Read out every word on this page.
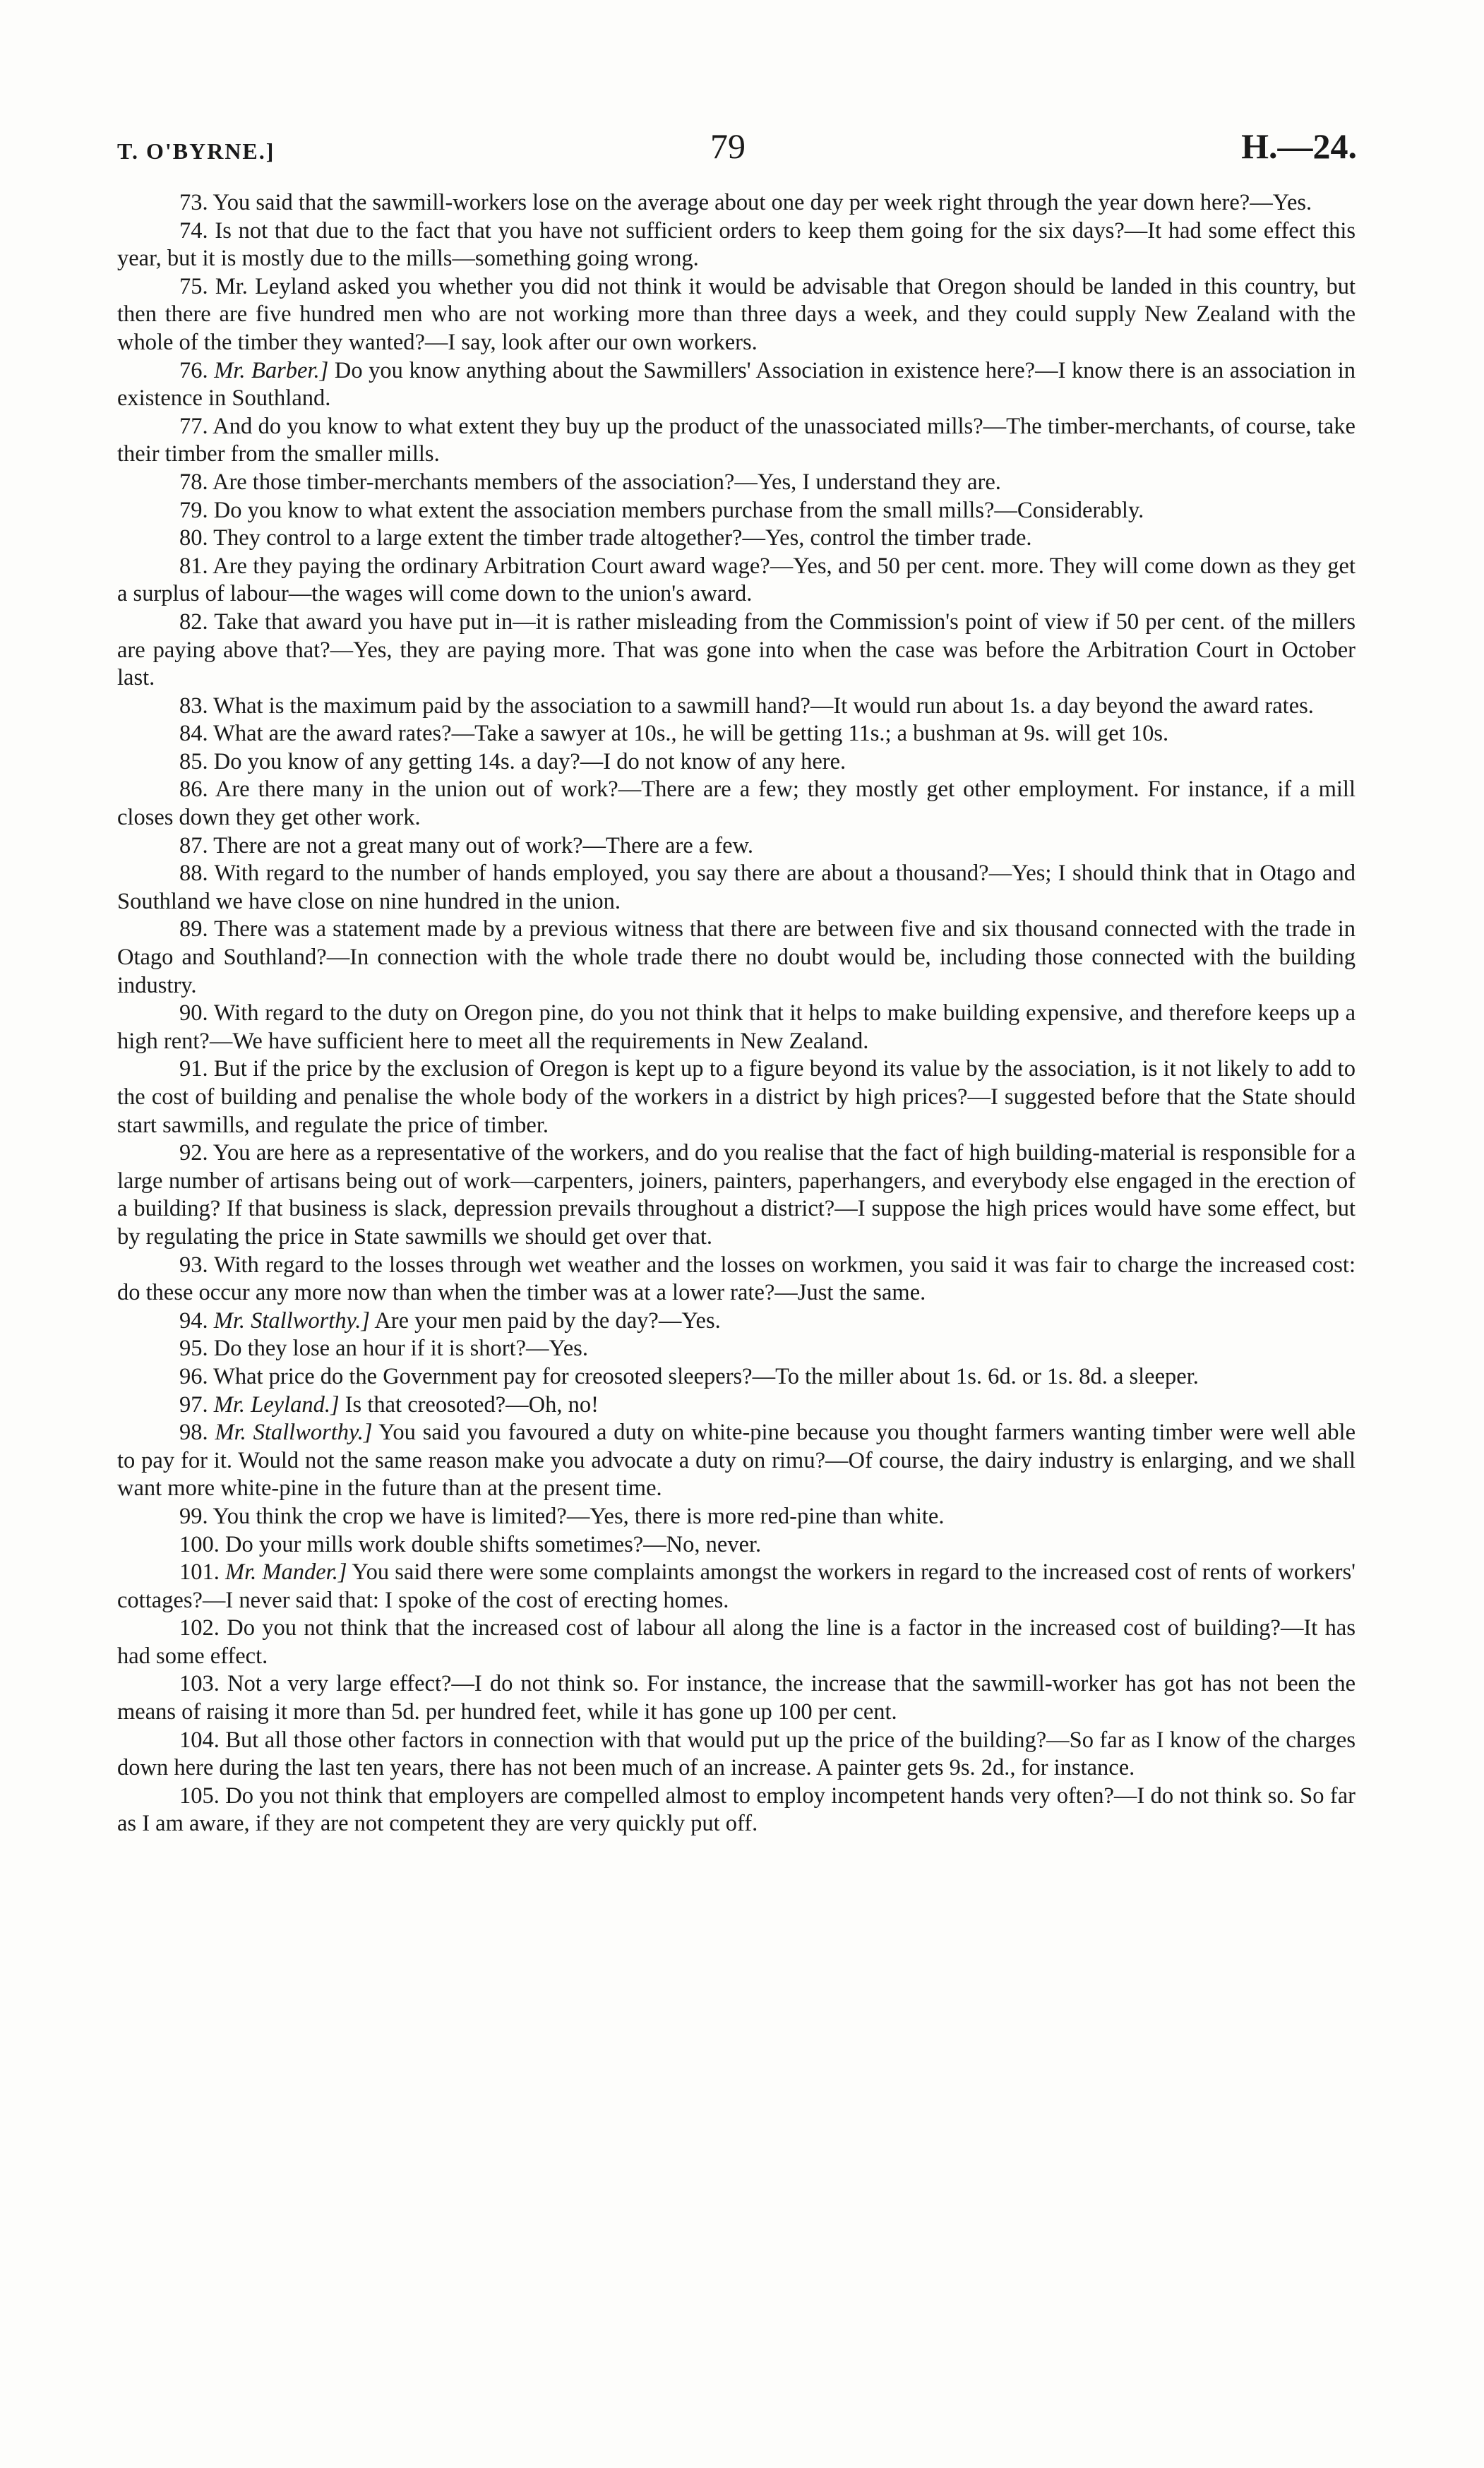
T. O'BYRNE.]	79	H.—24.

73. You said that the sawmill-workers lose on the average about one day per week right through the year down here?—Yes.

74. Is not that due to the fact that you have not sufficient orders to keep them going for the six days?—It had some effect this year, but it is mostly due to the mills—something going wrong.

75. Mr. Leyland asked you whether you did not think it would be advisable that Oregon should be landed in this country, but then there are five hundred men who are not working more than three days a week, and they could supply New Zealand with the whole of the timber they wanted?—I say, look after our own workers.

76. Mr. Barber.] Do you know anything about the Sawmillers' Association in existence here?—I know there is an association in existence in Southland.

77. And do you know to what extent they buy up the product of the unassociated mills?—The timber-merchants, of course, take their timber from the smaller mills.

78. Are those timber-merchants members of the association?—Yes, I understand they are.

79. Do you know to what extent the association members purchase from the small mills?—Considerably.

80. They control to a large extent the timber trade altogether?—Yes, control the timber trade.

81. Are they paying the ordinary Arbitration Court award wage?—Yes, and 50 per cent. more. They will come down as they get a surplus of labour—the wages will come down to the union's award.

82. Take that award you have put in—it is rather misleading from the Commission's point of view if 50 per cent. of the millers are paying above that?—Yes, they are paying more. That was gone into when the case was before the Arbitration Court in October last.

83. What is the maximum paid by the association to a sawmill hand?—It would run about 1s. a day beyond the award rates.

84. What are the award rates?—Take a sawyer at 10s., he will be getting 11s.; a bushman at 9s. will get 10s.

85. Do you know of any getting 14s. a day?—I do not know of any here.

86. Are there many in the union out of work?—There are a few; they mostly get other employment. For instance, if a mill closes down they get other work.

87. There are not a great many out of work?—There are a few.

88. With regard to the number of hands employed, you say there are about a thousand?—Yes; I should think that in Otago and Southland we have close on nine hundred in the union.

89. There was a statement made by a previous witness that there are between five and six thousand connected with the trade in Otago and Southland?—In connection with the whole trade there no doubt would be, including those connected with the building industry.

90. With regard to the duty on Oregon pine, do you not think that it helps to make building expensive, and therefore keeps up a high rent?—We have sufficient here to meet all the requirements in New Zealand.

91. But if the price by the exclusion of Oregon is kept up to a figure beyond its value by the association, is it not likely to add to the cost of building and penalise the whole body of the workers in a district by high prices?—I suggested before that the State should start sawmills, and regulate the price of timber.

92. You are here as a representative of the workers, and do you realise that the fact of high building-material is responsible for a large number of artisans being out of work—carpenters, joiners, painters, paperhangers, and everybody else engaged in the erection of a building? If that business is slack, depression prevails throughout a district?—I suppose the high prices would have some effect, but by regulating the price in State sawmills we should get over that.

93. With regard to the losses through wet weather and the losses on workmen, you said it was fair to charge the increased cost: do these occur any more now than when the timber was at a lower rate?—Just the same.

94. Mr. Stallworthy.] Are your men paid by the day?—Yes.

95. Do they lose an hour if it is short?—Yes.

96. What price do the Government pay for creosoted sleepers?—To the miller about 1s. 6d. or 1s. 8d. a sleeper.

97. Mr. Leyland.] Is that creosoted?—Oh, no!

98. Mr. Stallworthy.] You said you favoured a duty on white-pine because you thought farmers wanting timber were well able to pay for it. Would not the same reason make you advocate a duty on rimu?—Of course, the dairy industry is enlarging, and we shall want more white-pine in the future than at the present time.

99. You think the crop we have is limited?—Yes, there is more red-pine than white.

100. Do your mills work double shifts sometimes?—No, never.

101. Mr. Mander.] You said there were some complaints amongst the workers in regard to the increased cost of rents of workers' cottages?—I never said that: I spoke of the cost of erecting homes.

102. Do you not think that the increased cost of labour all along the line is a factor in the increased cost of building?—It has had some effect.

103. Not a very large effect?—I do not think so. For instance, the increase that the sawmill-worker has got has not been the means of raising it more than 5d. per hundred feet, while it has gone up 100 per cent.

104. But all those other factors in connection with that would put up the price of the building?—So far as I know of the charges down here during the last ten years, there has not been much of an increase. A painter gets 9s. 2d., for instance.

105. Do you not think that employers are compelled almost to employ incompetent hands very often?—I do not think so. So far as I am aware, if they are not competent they are very quickly put off.
